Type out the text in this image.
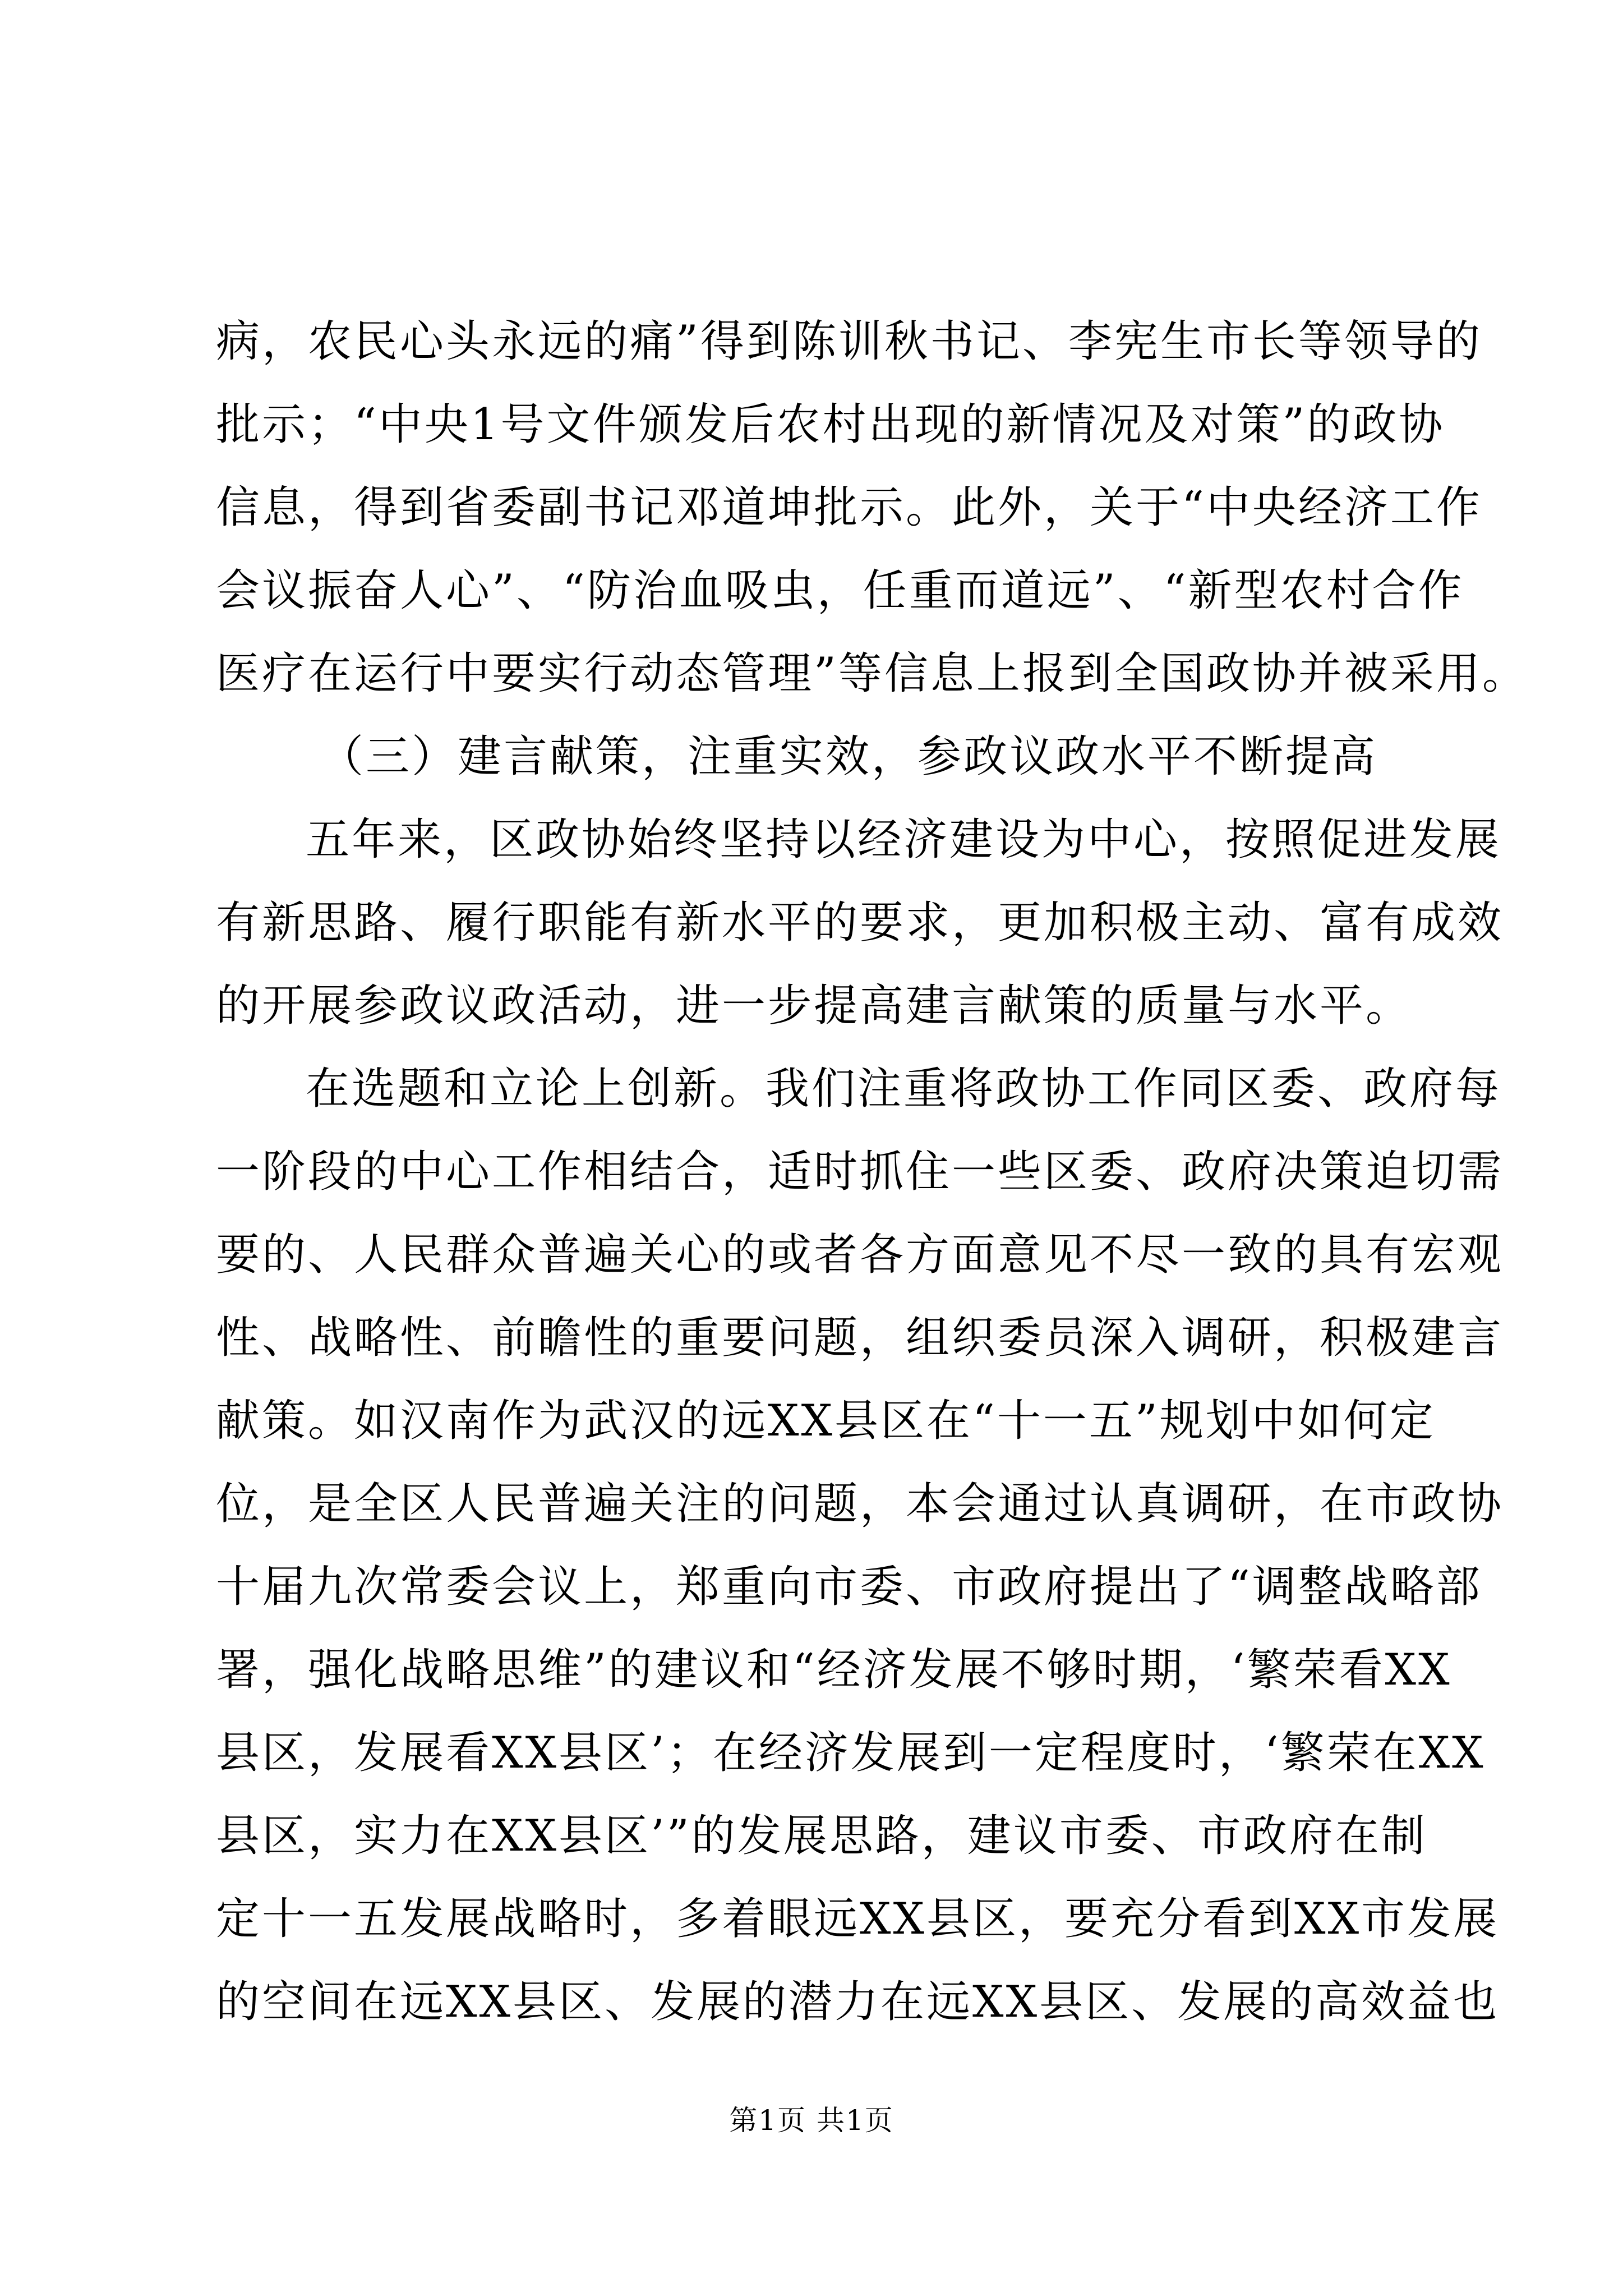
病，农民心头永远的痛”得到陈训秋书记、李宪生市长等领导的
批示；“中央1号文件颁发后农村出现的新情况及对策”的政协
信息，得到省委副书记邓道坤批示。此外，关于“中央经济工作
会议振奋人心”、“防治血吸虫，任重而道远”、“新型农村合作
医疗在运行中要实行动态管理”等信息上报到全国政协并被采用。
（三）建言献策，注重实效，参政议政水平不断提高
五年来，区政协始终坚持以经济建设为中心，按照促进发展
有新思路、履行职能有新水平的要求，更加积极主动、富有成效
的开展参政议政活动，进一步提高建言献策的质量与水平。
在选题和立论上创新。我们注重将政协工作同区委、政府每
一阶段的中心工作相结合，适时抓住一些区委、政府决策迫切需
要的、人民群众普遍关心的或者各方面意见不尽一致的具有宏观
性、战略性、前瞻性的重要问题，组织委员深入调研，积极建言
献策。如汉南作为武汉的远XX县区在“十一五”规划中如何定
位，是全区人民普遍关注的问题，本会通过认真调研，在市政协
十届九次常委会议上，郑重向市委、市政府提出了“调整战略部
署，强化战略思维”的建议和“经济发展不够时期，‘繁荣看XX
县区，发展看XX县区’；在经济发展到一定程度时，‘繁荣在XX
县区，实力在XX县区’”的发展思路，建议市委、市政府在制
定十一五发展战略时，多着眼远XX县区，要充分看到XX市发展
的空间在远XX县区、发展的潜力在远XX县区、发展的高效益也
第1页 共1页
